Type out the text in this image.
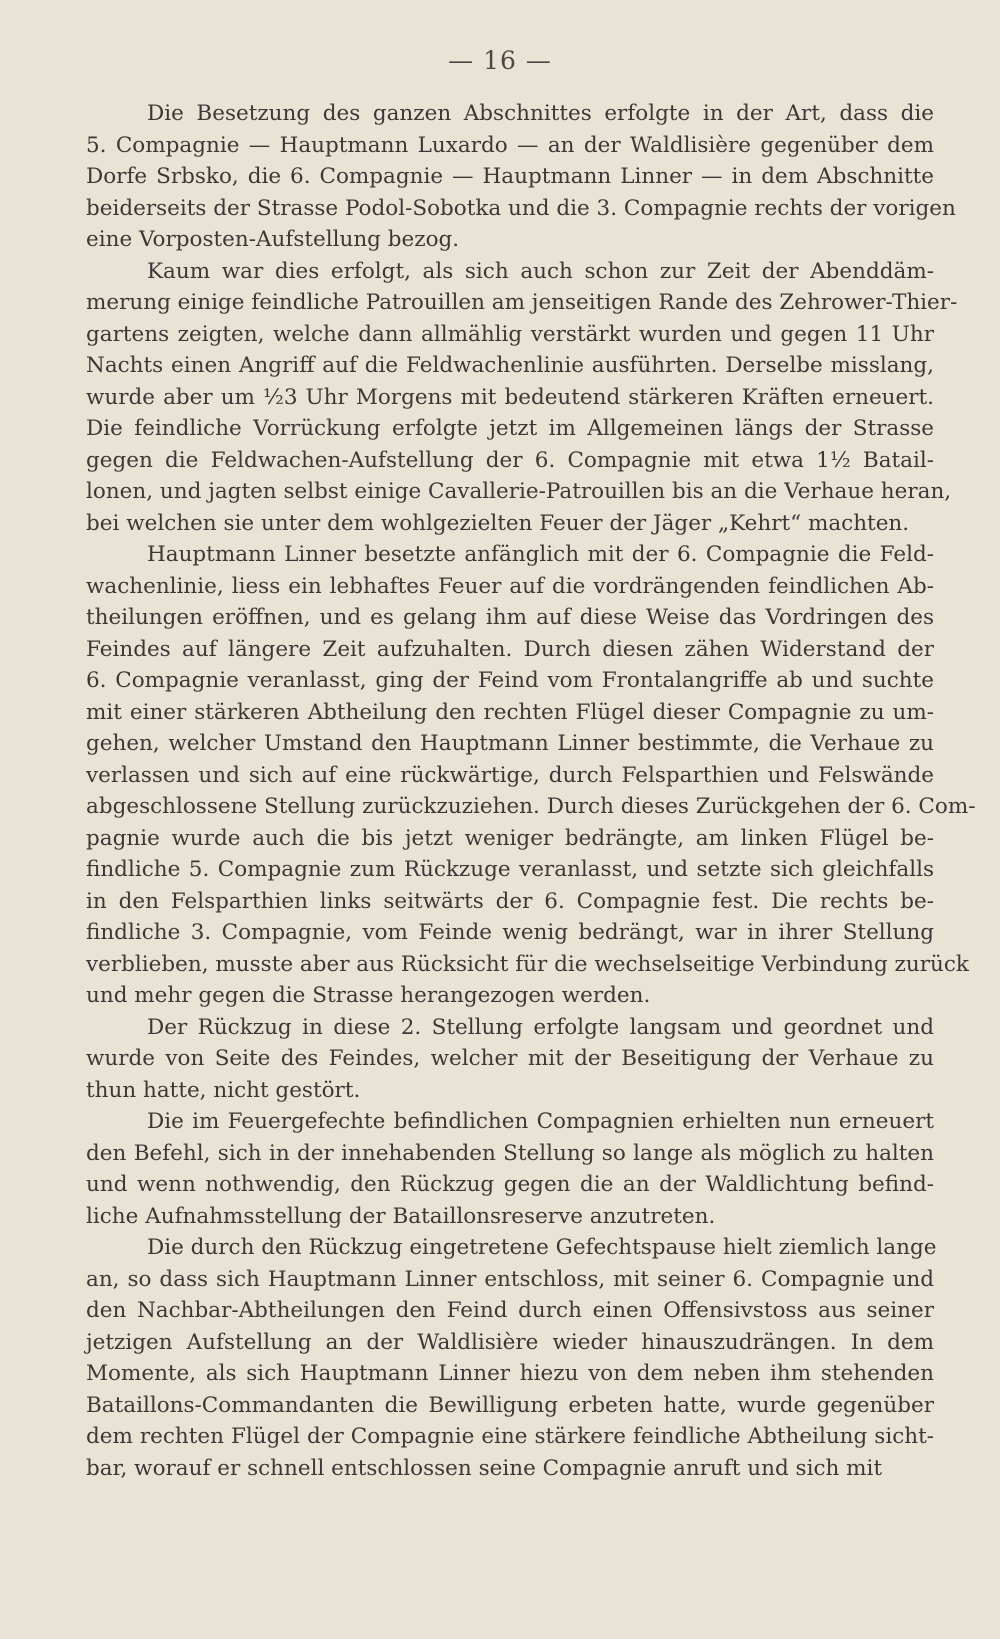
— 16 —
Die Besetzung des ganzen Abschnittes erfolgte in der Art, dass die
5. Compagnie — Hauptmann Luxardo — an der Waldlisière gegenüber dem
Dorfe Srbsko, die 6. Compagnie — Hauptmann Linner — in dem Abschnitte
beiderseits der Strasse Podol-Sobotka und die 3. Compagnie rechts der vorigen
eine Vorposten-Aufstellung bezog.
Kaum war dies erfolgt, als sich auch schon zur Zeit der Abenddäm-
merung einige feindliche Patrouillen am jenseitigen Rande des Zehrower-Thier-
gartens zeigten, welche dann allmählig verstärkt wurden und gegen 11 Uhr
Nachts einen Angriff auf die Feldwachenlinie ausführten. Derselbe misslang,
wurde aber um ½3 Uhr Morgens mit bedeutend stärkeren Kräften erneuert.
Die feindliche Vorrückung erfolgte jetzt im Allgemeinen längs der Strasse
gegen die Feldwachen-Aufstellung der 6. Compagnie mit etwa 1½ Batail-
lonen, und jagten selbst einige Cavallerie-Patrouillen bis an die Verhaue heran,
bei welchen sie unter dem wohlgezielten Feuer der Jäger „Kehrt“ machten.
Hauptmann Linner besetzte anfänglich mit der 6. Compagnie die Feld-
wachenlinie, liess ein lebhaftes Feuer auf die vordrängenden feindlichen Ab-
theilungen eröffnen, und es gelang ihm auf diese Weise das Vordringen des
Feindes auf längere Zeit aufzuhalten. Durch diesen zähen Widerstand der
6. Compagnie veranlasst, ging der Feind vom Frontalangriffe ab und suchte
mit einer stärkeren Abtheilung den rechten Flügel dieser Compagnie zu um-
gehen, welcher Umstand den Hauptmann Linner bestimmte, die Verhaue zu
verlassen und sich auf eine rückwärtige, durch Felsparthien und Felswände
abgeschlossene Stellung zurückzuziehen. Durch dieses Zurückgehen der 6. Com-
pagnie wurde auch die bis jetzt weniger bedrängte, am linken Flügel be-
findliche 5. Compagnie zum Rückzuge veranlasst, und setzte sich gleichfalls
in den Felsparthien links seitwärts der 6. Compagnie fest. Die rechts be-
findliche 3. Compagnie, vom Feinde wenig bedrängt, war in ihrer Stellung
verblieben, musste aber aus Rücksicht für die wechselseitige Verbindung zurück
und mehr gegen die Strasse herangezogen werden.
Der Rückzug in diese 2. Stellung erfolgte langsam und geordnet und
wurde von Seite des Feindes, welcher mit der Beseitigung der Verhaue zu
thun hatte, nicht gestört.
Die im Feuergefechte befindlichen Compagnien erhielten nun erneuert
den Befehl, sich in der innehabenden Stellung so lange als möglich zu halten
und wenn nothwendig, den Rückzug gegen die an der Waldlichtung befind-
liche Aufnahmsstellung der Bataillonsreserve anzutreten.
Die durch den Rückzug eingetretene Gefechtspause hielt ziemlich lange
an, so dass sich Hauptmann Linner entschloss, mit seiner 6. Compagnie und
den Nachbar-Abtheilungen den Feind durch einen Offensivstoss aus seiner
jetzigen Aufstellung an der Waldlisière wieder hinauszudrängen. In dem
Momente, als sich Hauptmann Linner hiezu von dem neben ihm stehenden
Bataillons-Commandanten die Bewilligung erbeten hatte, wurde gegenüber
dem rechten Flügel der Compagnie eine stärkere feindliche Abtheilung sicht-
bar, worauf er schnell entschlossen seine Compagnie anruft und sich mit
